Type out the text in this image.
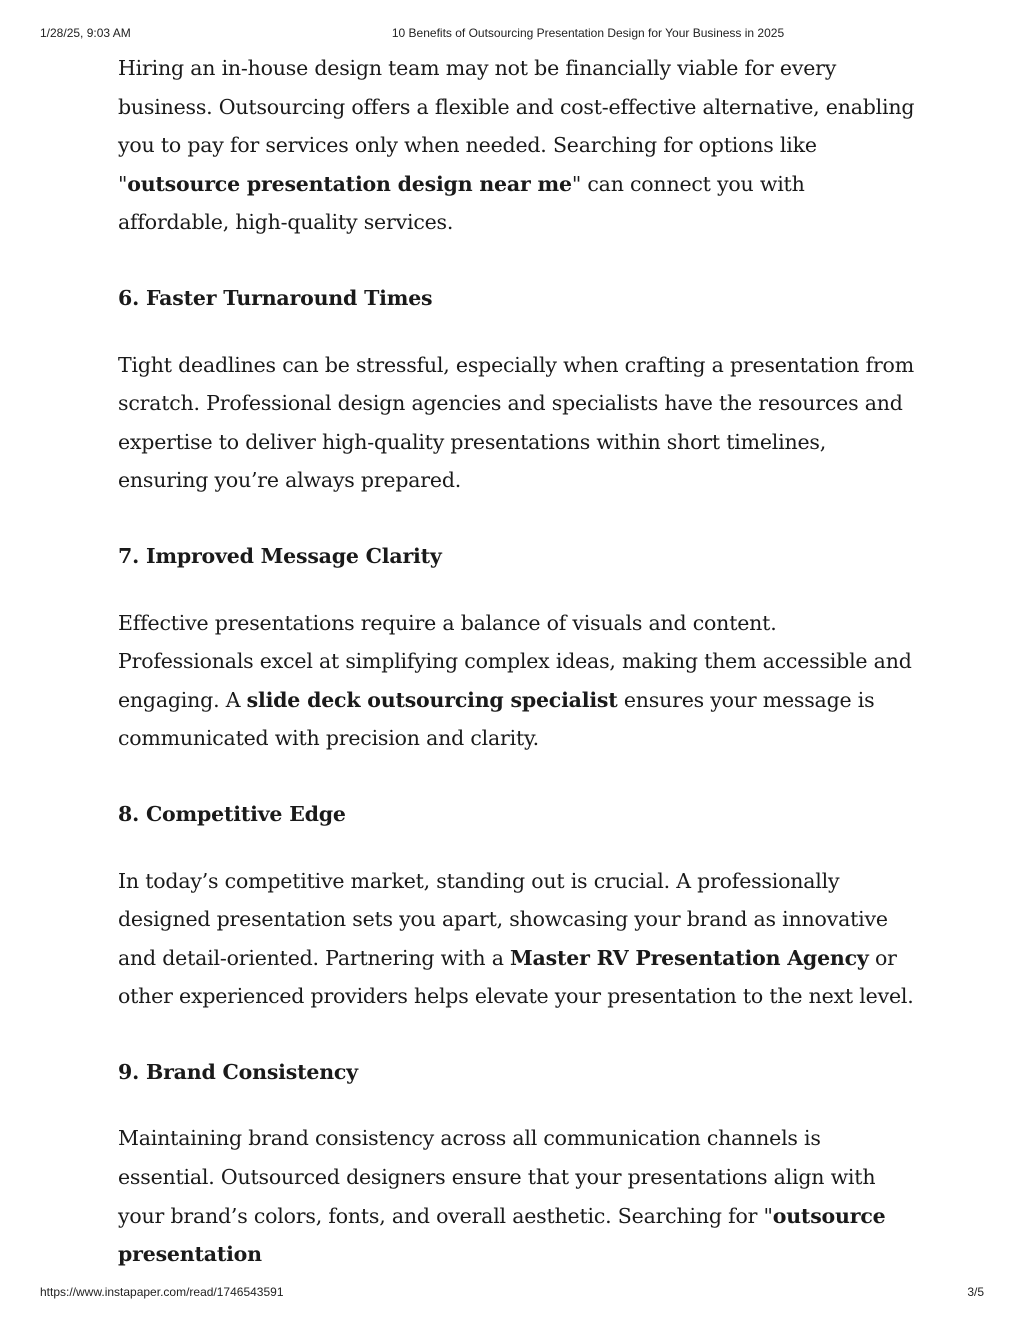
1/28/25, 9:03 AM	10 Benefits of Outsourcing Presentation Design for Your Business in 2025

Hiring an in-house design team may not be financially viable for every business. Outsourcing offers a flexible and cost-effective alternative, enabling you to pay for services only when needed. Searching for options like "outsource presentation design near me" can connect you with affordable, high-quality services.

6. Faster Turnaround Times

Tight deadlines can be stressful, especially when crafting a presentation from scratch. Professional design agencies and specialists have the resources and expertise to deliver high-quality presentations within short timelines, ensuring you’re always prepared.

7. Improved Message Clarity

Effective presentations require a balance of visuals and content. Professionals excel at simplifying complex ideas, making them accessible and engaging. A slide deck outsourcing specialist ensures your message is communicated with precision and clarity.

8. Competitive Edge

In today’s competitive market, standing out is crucial. A professionally designed presentation sets you apart, showcasing your brand as innovative and detail-oriented. Partnering with a Master RV Presentation Agency or other experienced providers helps elevate your presentation to the next level.

9. Brand Consistency

Maintaining brand consistency across all communication channels is essential. Outsourced designers ensure that your presentations align with your brand’s colors, fonts, and overall aesthetic. Searching for "outsource presentation

https://www.instapaper.com/read/1746543591	3/5
